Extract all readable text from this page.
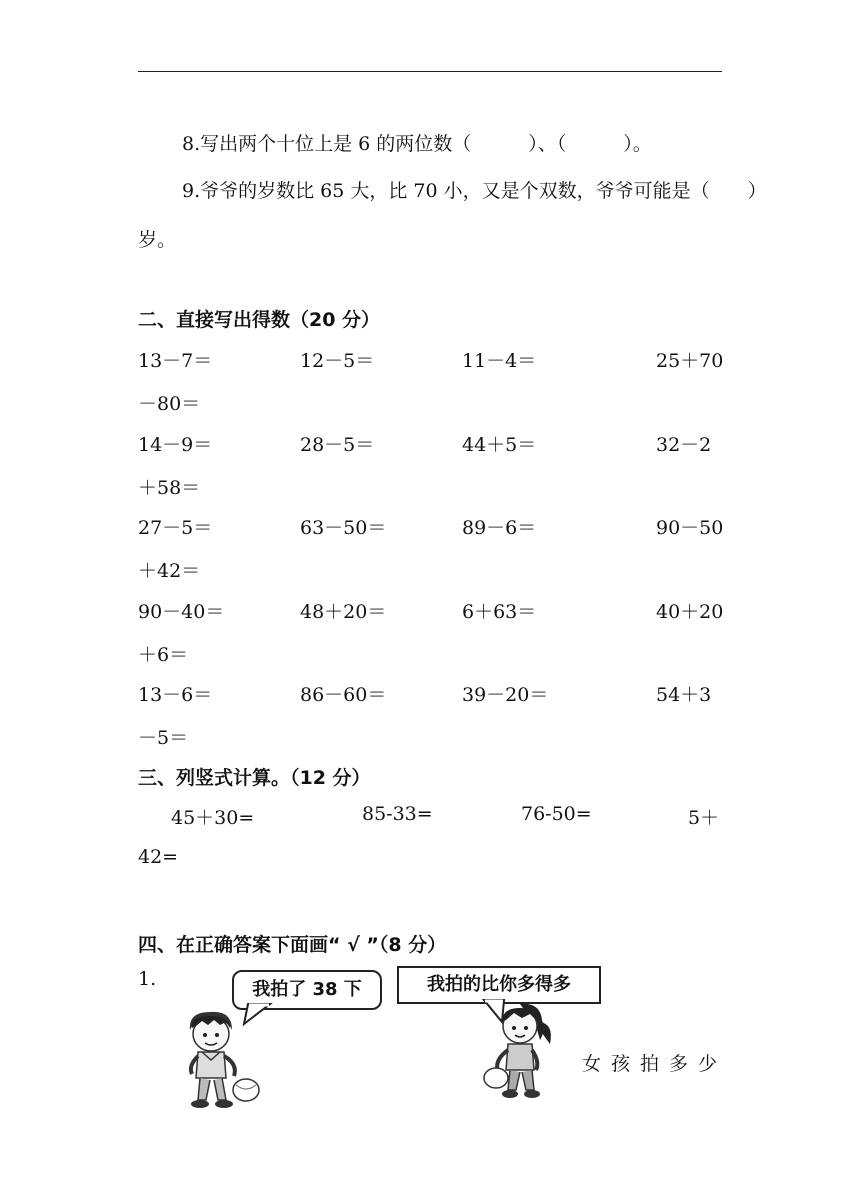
8.写出两个十位上是 6 的两位数（　　　）、（　　　）。
9.爷爷的岁数比 65 大，比 70 小，又是个双数，爷爷可能是（　　）
岁。
二、直接写出得数（20 分）
13－7＝	12－5＝	11－4＝	25＋70
－80＝
14－9＝	28－5＝	44＋5＝	32－2
＋58＝
27－5＝	63－50＝	89－6＝	90－50
＋42＝
90－40＝	48＋20＝	6＋63＝	40＋20
＋6＝
13－6＝	86－60＝	39－20＝	54＋3
－5＝
三、列竖式计算。（12 分）
45＋30=	85-33=	76-50=	5＋
42=
四、在正确答案下面画“ √ ”（8 分）
1.	我拍了 38 下	我拍的比你多得多
女孩拍多少
